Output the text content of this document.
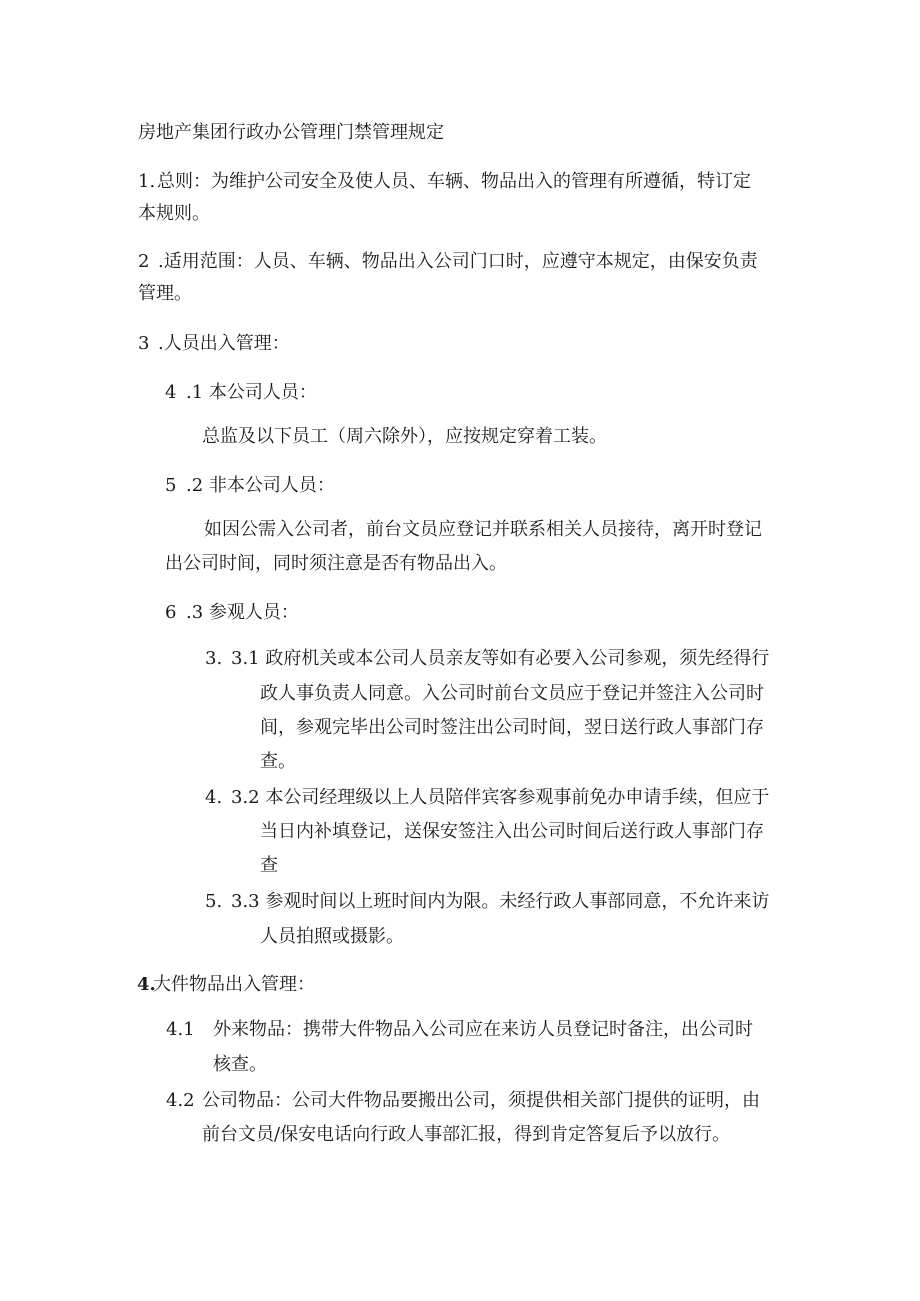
房地产集团行政办公管理门禁管理规定
1. 总则：为维护公司安全及使人员、车辆、物品出入的管理有所遵循，特订定
本规则。
2 .适用范围：人员、车辆、物品出入公司门口时，应遵守本规定，由保安负责
管理。
3 .人员出入管理：
4 .1 本公司人员：
总监及以下员工（周六除外），应按规定穿着工装。
5 .2 非本公司人员：
如因公需入公司者，前台文员应登记并联系相关人员接待，离开时登记
出公司时间，同时须注意是否有物品出入。
6 .3 参观人员：
3. 3.1 政府机关或本公司人员亲友等如有必要入公司参观，须先经得行
政人事负责人同意。入公司时前台文员应于登记并签注入公司时
间，参观完毕出公司时签注出公司时间，翌日送行政人事部门存
查。
4. 3.2 本公司经理级以上人员陪伴宾客参观事前免办申请手续，但应于
当日内补填登记，送保安签注入出公司时间后送行政人事部门存
查
5. 3.3 参观时间以上班时间内为限。未经行政人事部同意，不允许来访
人员拍照或摄影。
4.
大件物品出入管理：
4.1 外来物品：携带大件物品入公司应在来访人员登记时备注，出公司时
核查。
4.2 公司物品：公司大件物品要搬出公司，须提供相关部门提供的证明，由
前台文员/保安电话向行政人事部汇报，得到肯定答复后予以放行。
